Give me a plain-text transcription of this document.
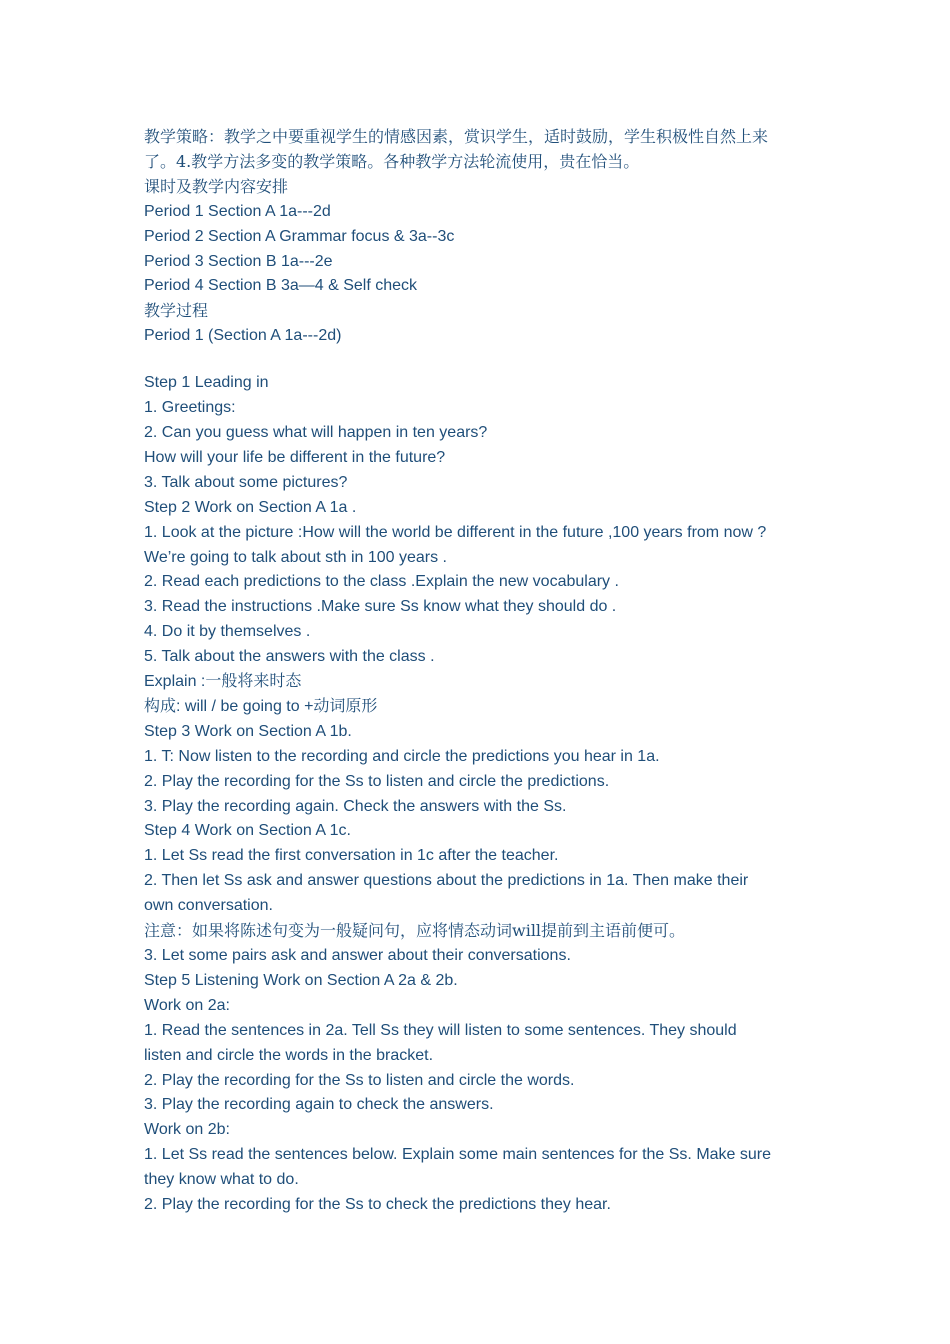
教学策略：教学之中要重视学生的情感因素，赏识学生，适时鼓励，学生积极性自然上来

了。4.教学方法多变的教学策略。各种教学方法轮流使用，贵在恰当。

课时及教学内容安排

Period 1 Section A 1a---2d

Period 2 Section A Grammar focus & 3a--3c

Period 3 Section B 1a---2e

Period 4 Section B 3a—4 & Self check

教学过程

Period 1 (Section A 1a---2d)

Step 1 Leading in

1. Greetings:

2. Can you guess what will happen in ten years?

How will your life be different in the future?

3. Talk about some pictures?

Step 2 Work on Section A 1a .

1. Look at the picture :How will the world be different in the future ,100 years from now ?

We’re going to talk about sth in 100 years .

2. Read each predictions to the class .Explain the new vocabulary .

3. Read the instructions .Make sure Ss know what they should do .

4. Do it by themselves .

5. Talk about the answers with the class .

Explain :一般将来时态

构成: will / be going to +动词原形

Step 3 Work on Section A 1b.

1. T: Now listen to the recording and circle the predictions you hear in 1a.

2. Play the recording for the Ss to listen and circle the predictions.

3. Play the recording again. Check the answers with the Ss.

Step 4 Work on Section A 1c.

1. Let Ss read the first conversation in 1c after the teacher.

2. Then let Ss ask and answer questions about the predictions in 1a. Then make their

own conversation.

注意：如果将陈述句变为一般疑问句，应将情态动词will提前到主语前便可。

3. Let some pairs ask and answer about their conversations.

Step 5 Listening Work on Section A 2a & 2b.

Work on 2a:

1. Read the sentences in 2a. Tell Ss they will listen to some sentences. They should

listen and circle the words in the bracket.

2. Play the recording for the Ss to listen and circle the words.

3. Play the recording again to check the answers.

Work on 2b:

1. Let Ss read the sentences below. Explain some main sentences for the Ss. Make sure

they know what to do.

2. Play the recording for the Ss to check the predictions they hear.
